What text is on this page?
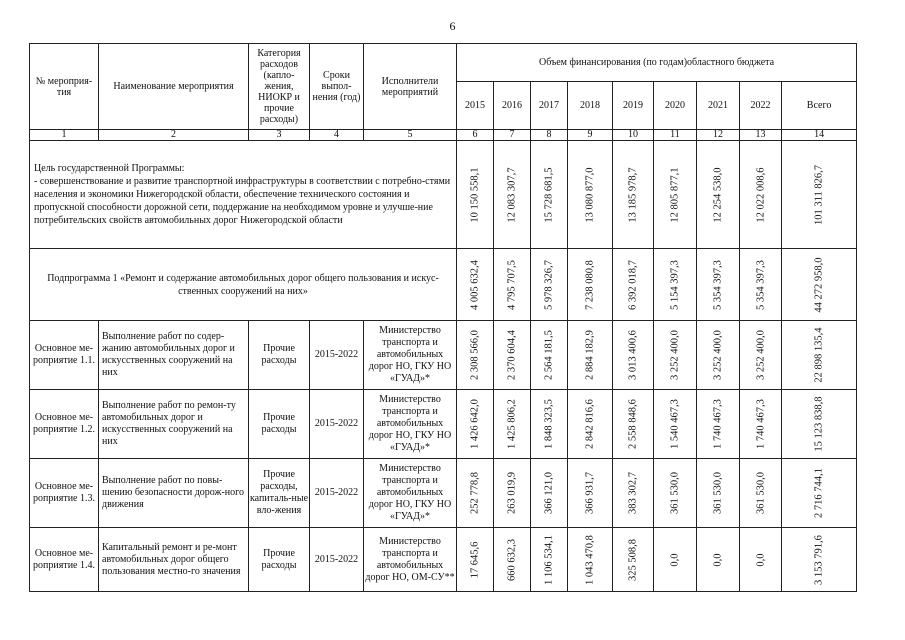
6
№ мероприя-тия	Наименование мероприятия	Категория расходов (капло-жения, НИОКР и прочие расходы)	Сроки выпол-нения (год)	Исполнители мероприятий	Объем финансирования (по годам)областного бюджета								
					2015	2016	2017	2018	2019	2020	2021	2022	Всего
1	2	3	4	5	6	7	8	9	10	11	12	13	14
Цель государственной Программы:
- совершенствование и развитие транспортной инфраструктуры в соответствии с потребно-стями населения и экономики Нижегородской области, обеспечение технического состояния и пропускной способности дорожной сети, поддержание на необходимом уровне и улучше-ние потребительских свойств автомобильных дорог Нижегородской области					10 150 558,1	12 083 307,7	15 728 681,5	13 080 877,0	13 185 978,7	12 805 877,1	12 254 538,0	12 022 008,6	101 311 826,7

Подпрограмма 1 «Ремонт и содержание автомобильных дорог общего пользования и искус-ственных сооружений на них»					4 005 632,4	4 795 707,5	5 978 326,7	7 238 080,8	6 392 018,7	5 154 397,3	5 354 397,3	5 354 397,3	44 272 958,0

Основное ме-роприятие 1.1.	Выполнение работ по содер-жанию автомобильных дорог и искусственных сооружений на них	Прочие расходы	2015-2022	Министерство транспорта и автомобильных дорог НО, ГКУ НО «ГУАД»*	2 308 566,0	2 370 604,4	2 564 181,5	2 884 182,9	3 013 400,6	3 252 400,0	3 252 400,0	3 252 400,0	22 898 135,4

Основное ме-роприятие 1.2.	Выполнение работ по ремон-ту автомобильных дорог и искусственных сооружений на них	Прочие расходы	2015-2022	Министерство транспорта и автомобильных дорог НО, ГКУ НО «ГУАД»*	1 426 642,0	1 425 806,2	1 848 323,5	2 842 816,6	2 558 848,6	1 540 467,3	1 740 467,3	1 740 467,3	15 123 838,8

Основное ме-роприятие 1.3.	Выполнение работ по повы-шению безопасности дорож-ного движения	Прочие расходы, капиталь-ные вло-жения	2015-2022	Министерство транспорта и автомобильных дорог НО, ГКУ НО «ГУАД»*	252 778,8	263 019,9	366 121,0	366 931,7	383 302,7	361 530,0	361 530,0	361 530,0	2 716 744,1

Основное ме-роприятие 1.4.	Капитальный ремонт и ре-монт автомобильных дорог общего пользования местно-го значения	Прочие расходы	2015-2022	Министерство транспорта и автомобильных дорог НО, ОМ-СУ**	17 645,6	660 632,3	1 106 534,1	1 043 470,8	325 508,8	0,0	0,0	0,0	3 153 791,6
